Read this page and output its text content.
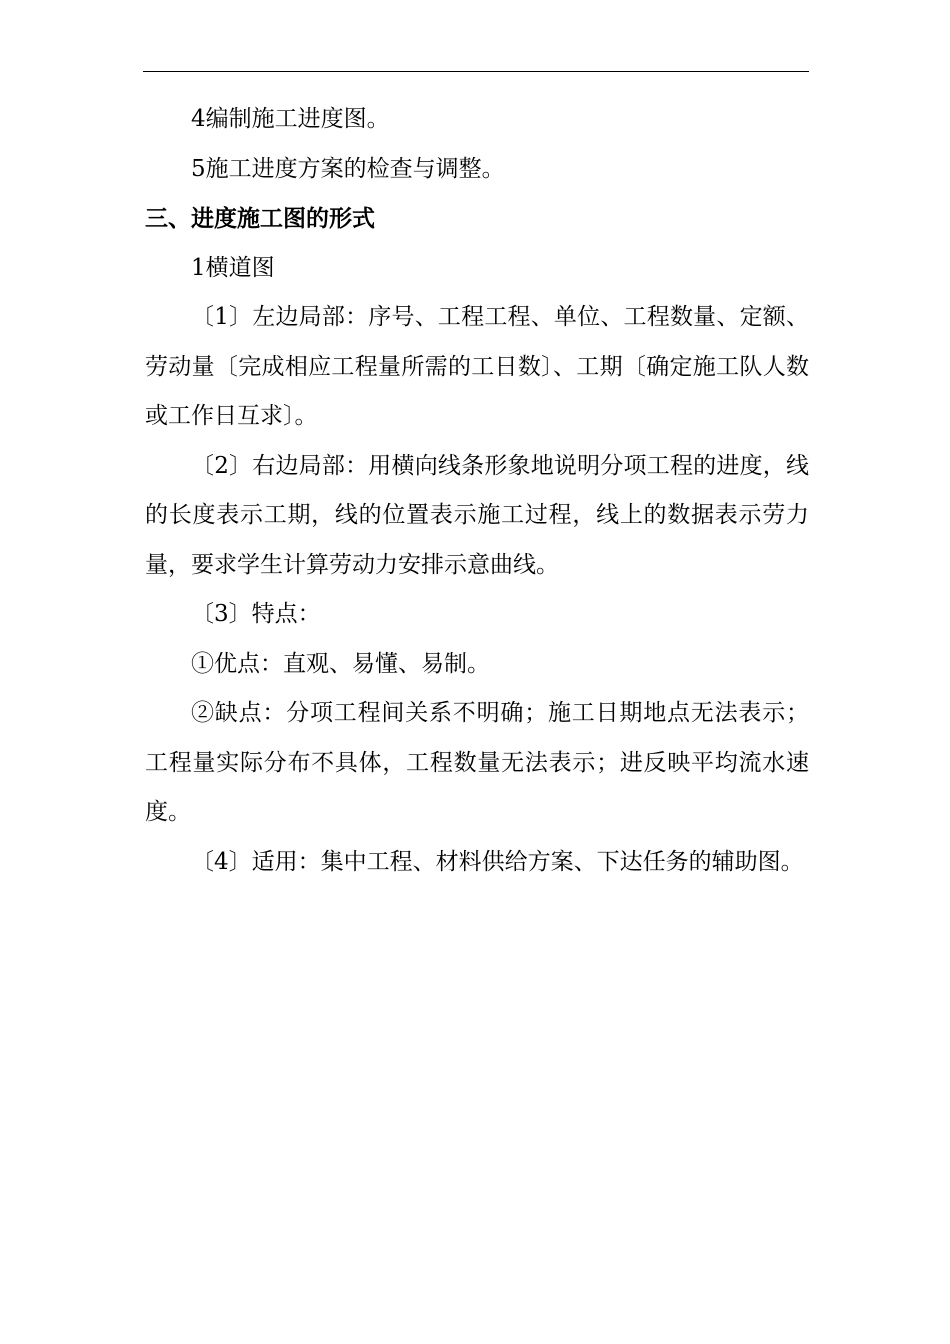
4编制施工进度图。

5施工进度方案的检查与调整。

三、进度施工图的形式

1横道图

〔1〕左边局部：序号、工程工程、单位、工程数量、定额、劳动量〔完成相应工程量所需的工日数〕、工期〔确定施工队人数或工作日互求〕。

〔2〕右边局部：用横向线条形象地说明分项工程的进度，线的长度表示工期，线的位置表示施工过程，线上的数据表示劳力量，要求学生计算劳动力安排示意曲线。

〔3〕特点：

①优点：直观、易懂、易制。

②缺点：分项工程间关系不明确；施工日期地点无法表示；工程量实际分布不具体，工程数量无法表示；进反映平均流水速度。

〔4〕适用：集中工程、材料供给方案、下达任务的辅助图。
